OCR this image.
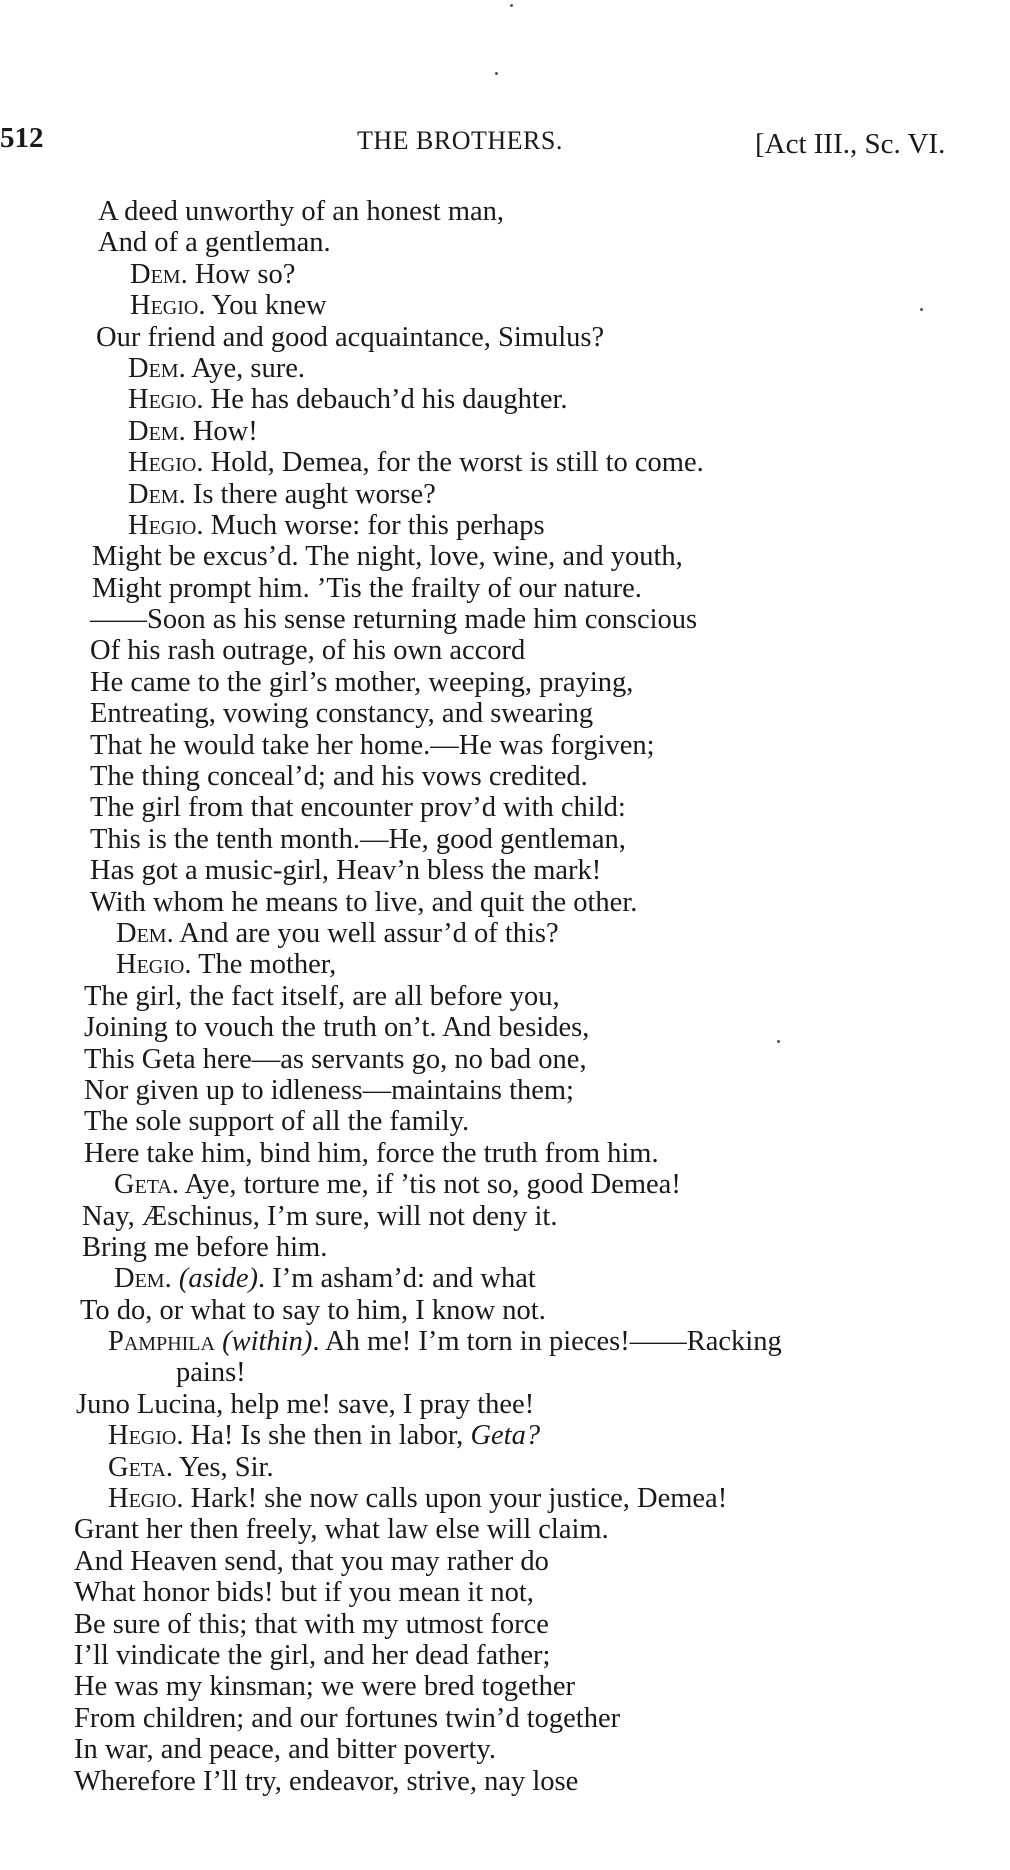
512	THE BROTHERS.	[Act III., Sc. VI.
A deed unworthy of an honest man,
And of a gentleman.
Dem. How so?
Hegio. You knew
Our friend and good acquaintance, Simulus?
Dem. Aye, sure.
Hegio. He has debauch’d his daughter.
Dem. How!
Hegio. Hold, Demea, for the worst is still to come.
Dem. Is there aught worse?
Hegio. Much worse: for this perhaps
Might be excus’d. The night, love, wine, and youth,
Might prompt him. ’Tis the frailty of our nature.
——Soon as his sense returning made him conscious
Of his rash outrage, of his own accord
He came to the girl’s mother, weeping, praying,
Entreating, vowing constancy, and swearing
That he would take her home.—He was forgiven;
The thing conceal’d; and his vows credited.
The girl from that encounter prov’d with child:
This is the tenth month.—He, good gentleman,
Has got a music-girl, Heav’n bless the mark!
With whom he means to live, and quit the other.
Dem. And are you well assur’d of this?
Hegio. The mother,
The girl, the fact itself, are all before you,
Joining to vouch the truth on’t. And besides,
This Geta here—as servants go, no bad one,
Nor given up to idleness—maintains them;
The sole support of all the family.
Here take him, bind him, force the truth from him.
Geta. Aye, torture me, if ’tis not so, good Demea!
Nay, Æschinus, I’m sure, will not deny it.
Bring me before him.
Dem. (aside). I’m asham’d: and what
To do, or what to say to him, I know not.
Pamphila (within). Ah me! I’m torn in pieces!——Racking
pains!
Juno Lucina, help me! save, I pray thee!
Hegio. Ha! Is she then in labor, Geta?
Geta. Yes, Sir.
Hegio. Hark! she now calls upon your justice, Demea!
Grant her then freely, what law else will claim.
And Heaven send, that you may rather do
What honor bids! but if you mean it not,
Be sure of this; that with my utmost force
I’ll vindicate the girl, and her dead father;
He was my kinsman; we were bred together
From children; and our fortunes twin’d together
In war, and peace, and bitter poverty.
Wherefore I’ll try, endeavor, strive, nay lose
